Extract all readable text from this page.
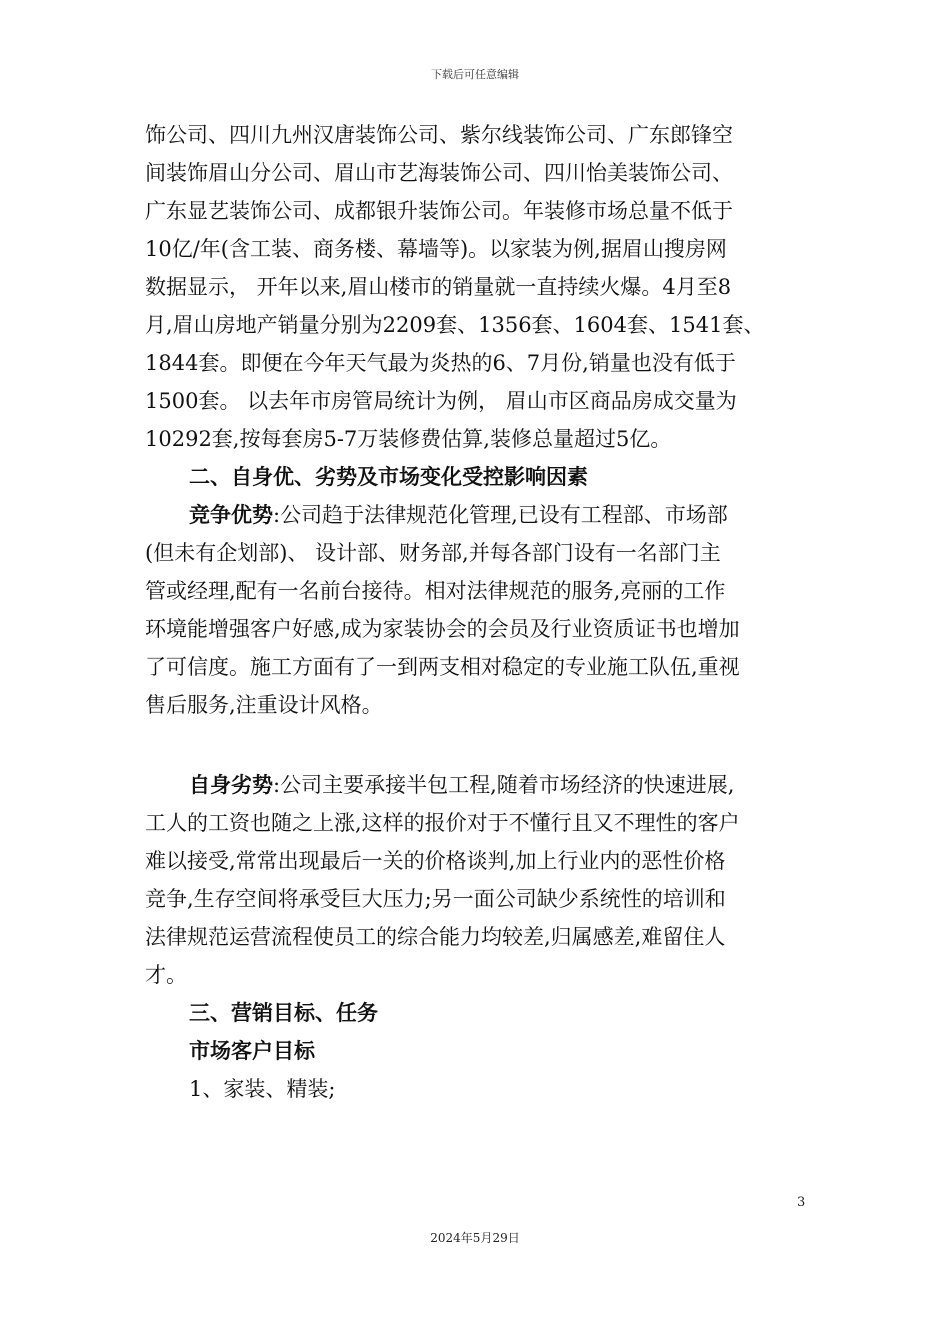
下载后可任意编辑
饰公司、四川九州汉唐装饰公司、紫尔线装饰公司、广东郎锋空
间装饰眉山分公司、眉山市艺海装饰公司、四川怡美装饰公司、
广东显艺装饰公司、成都银升装饰公司。年装修市场总量不低于
10亿/年(含工装、商务楼、幕墙等)。以家装为例,据眉山搜房网
数据显示， 开年以来,眉山楼市的销量就一直持续火爆。4月至8
月,眉山房地产销量分别为2209套、1356套、1604套、1541套、
1844套。即便在今年天气最为炎热的6、7月份,销量也没有低于
1500套。 以去年市房管局统计为例， 眉山市区商品房成交量为
10292套,按每套房5-7万装修费估算,装修总量超过5亿。
二、自身优、劣势及市场变化受控影响因素
竞争优势:公司趋于法律规范化管理,已设有工程部、市场部
(但未有企划部)、 设计部、财务部,并每各部门设有一名部门主
管或经理,配有一名前台接待。相对法律规范的服务,亮丽的工作
环境能增强客户好感,成为家装协会的会员及行业资质证书也增加
了可信度。施工方面有了一到两支相对稳定的专业施工队伍,重视
售后服务,注重设计风格。
自身劣势:公司主要承接半包工程,随着市场经济的快速进展,
工人的工资也随之上涨,这样的报价对于不懂行且又不理性的客户
难以接受,常常出现最后一关的价格谈判,加上行业内的恶性价格
竞争,生存空间将承受巨大压力;另一面公司缺少系统性的培训和
法律规范运营流程使员工的综合能力均较差,归属感差,难留住人
才。
三、营销目标、任务
市场客户目标
1、家装、精装;
3
2024年5月29日
